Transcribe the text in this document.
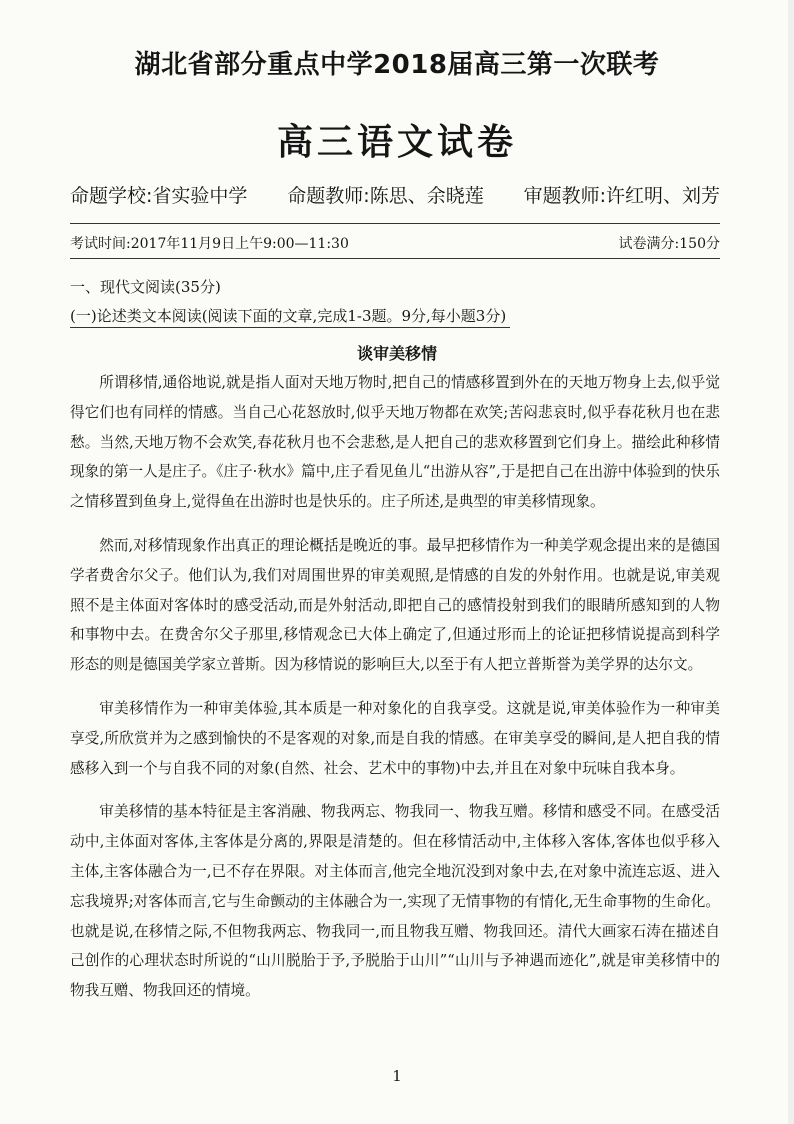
湖北省部分重点中学2018届高三第一次联考
高三语文试卷
命题学校:省实验中学 命题教师:陈思、余晓莲 审题教师:许红明、刘芳
考试时间:2017年11月9日上午9:00—11:30	试卷满分:150分
一、现代文阅读(35分)
(一)论述类文本阅读(阅读下面的文章,完成1-3题。9分,每小题3分)
谈审美移情

所谓移情,通俗地说,就是指人面对天地万物时,把自己的情感移置到外在的天地万物身上去,似乎觉得它们也有同样的情感。当自己心花怒放时,似乎天地万物都在欢笑;苦闷悲哀时,似乎春花秋月也在悲愁。当然,天地万物不会欢笑,春花秋月也不会悲愁,是人把自己的悲欢移置到它们身上。描绘此种移情现象的第一人是庄子。《庄子·秋水》篇中,庄子看见鱼儿“出游从容”,于是把自己在出游中体验到的快乐之情移置到鱼身上,觉得鱼在出游时也是快乐的。庄子所述,是典型的审美移情现象。

然而,对移情现象作出真正的理论概括是晚近的事。最早把移情作为一种美学观念提出来的是德国学者费舍尔父子。他们认为,我们对周围世界的审美观照,是情感的自发的外射作用。也就是说,审美观照不是主体面对客体时的感受活动,而是外射活动,即把自己的感情投射到我们的眼睛所感知到的人物和事物中去。在费舍尔父子那里,移情观念已大体上确定了,但通过形而上的论证把移情说提高到科学形态的则是德国美学家立普斯。因为移情说的影响巨大,以至于有人把立普斯誉为美学界的达尔文。

审美移情作为一种审美体验,其本质是一种对象化的自我享受。这就是说,审美体验作为一种审美享受,所欣赏并为之感到愉快的不是客观的对象,而是自我的情感。在审美享受的瞬间,是人把自我的情感移入到一个与自我不同的对象(自然、社会、艺术中的事物)中去,并且在对象中玩味自我本身。

审美移情的基本特征是主客消融、物我两忘、物我同一、物我互赠。移情和感受不同。在感受活动中,主体面对客体,主客体是分离的,界限是清楚的。但在移情活动中,主体移入客体,客体也似乎移入主体,主客体融合为一,已不存在界限。对主体而言,他完全地沉没到对象中去,在对象中流连忘返、进入忘我境界;对客体而言,它与生命颤动的主体融合为一,实现了无情事物的有情化,无生命事物的生命化。也就是说,在移情之际,不但物我两忘、物我同一,而且物我互赠、物我回还。清代大画家石涛在描述自己创作的心理状态时所说的“山川脱胎于予,予脱胎于山川”“山川与予神遇而迹化”,就是审美移情中的物我互赠、物我回还的情境。

1
